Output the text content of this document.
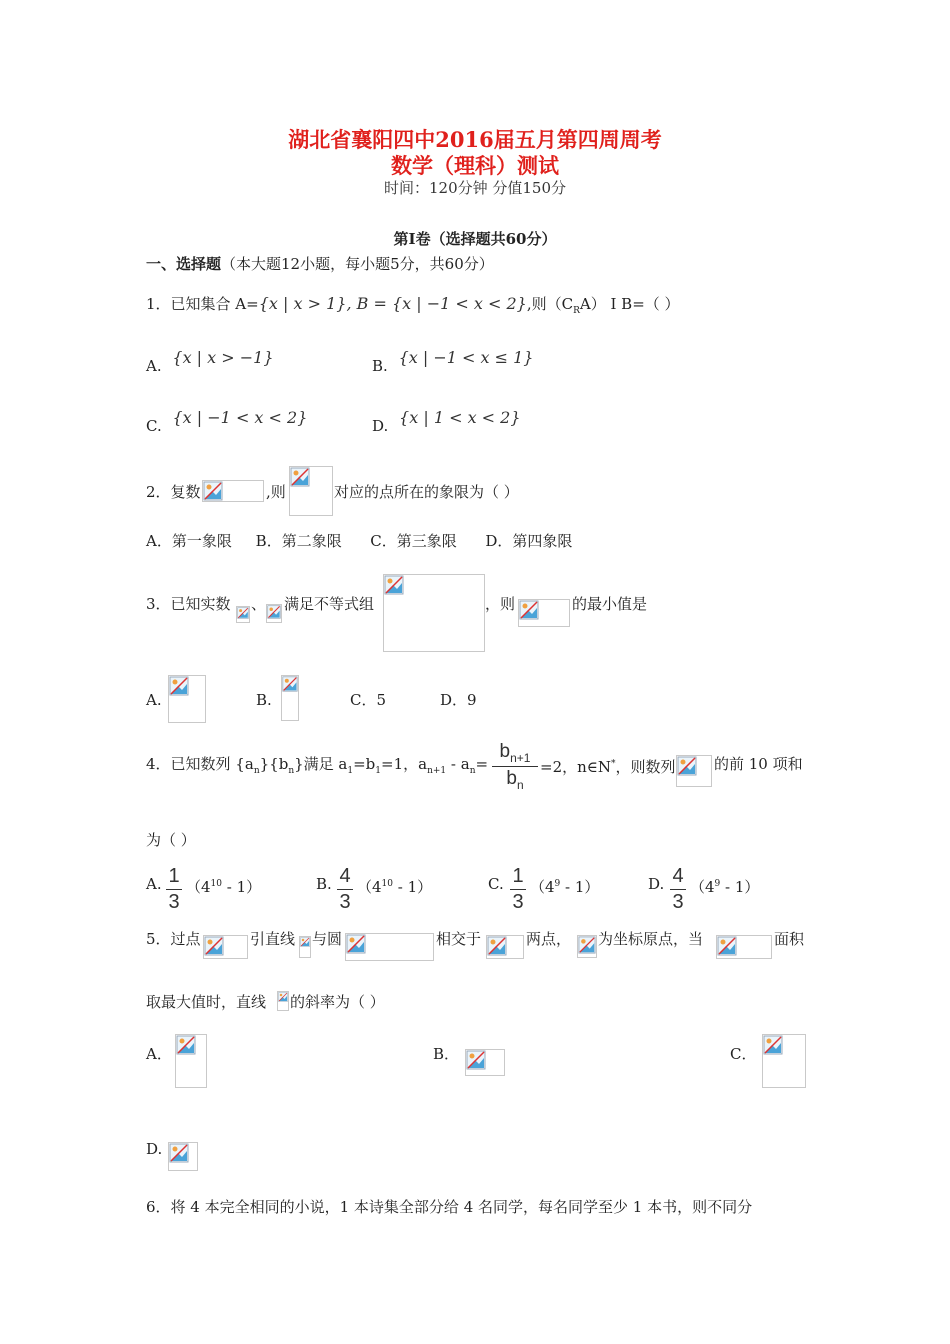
湖北省襄阳四中2016届五月第四周周考
数学（理科）测试
时间：120分钟 分值150分
第Ⅰ卷（选择题共60分）
一、选择题（本大题12小题，每小题5分，共60分）
1．已知集合 A={x | x > 1}, B = {x | −1 < x < 2},则$(C_RA)$ I B=（ ）
A. {x | x > −1}	B. {x | −1 < x ≤ 1}
C. {x | −1 < x < 2}	D. {x | 1 < x < 2}
2．复数	,则	对应的点所在的象限为（ ）
A．第一象限     B．第二象限      C．第三象限      D．第四象限
3．已知实数 、 满足不等式组	，则	的最小值是
A.	B.	C．5	D．9
4．已知数列 $\{a_n\}\{b_n\}$满足 $a_1=b_1=1$，$a_{n+1} - a_n=$
$b_{n+1}$
$b_n$
=2，n∈N*，则数列	的前 10 项和
为（ ）
A. 1
3
$(4^{10} - 1)$	B. 4
3
$(4^{10} - 1)$	C. 1
3
$(4^9 - 1)$	D. 4
3
$(4^9 - 1)$
5．过点	引直线 与圆	相交于	两点， 为坐标原点，当	面积
取最大值时，直线 的斜率为（ ）
A．	B．	C．
D.
6．将 4 本完全相同的小说，1 本诗集全部分给 4 名同学，每名同学至少 1 本书，则不同分
